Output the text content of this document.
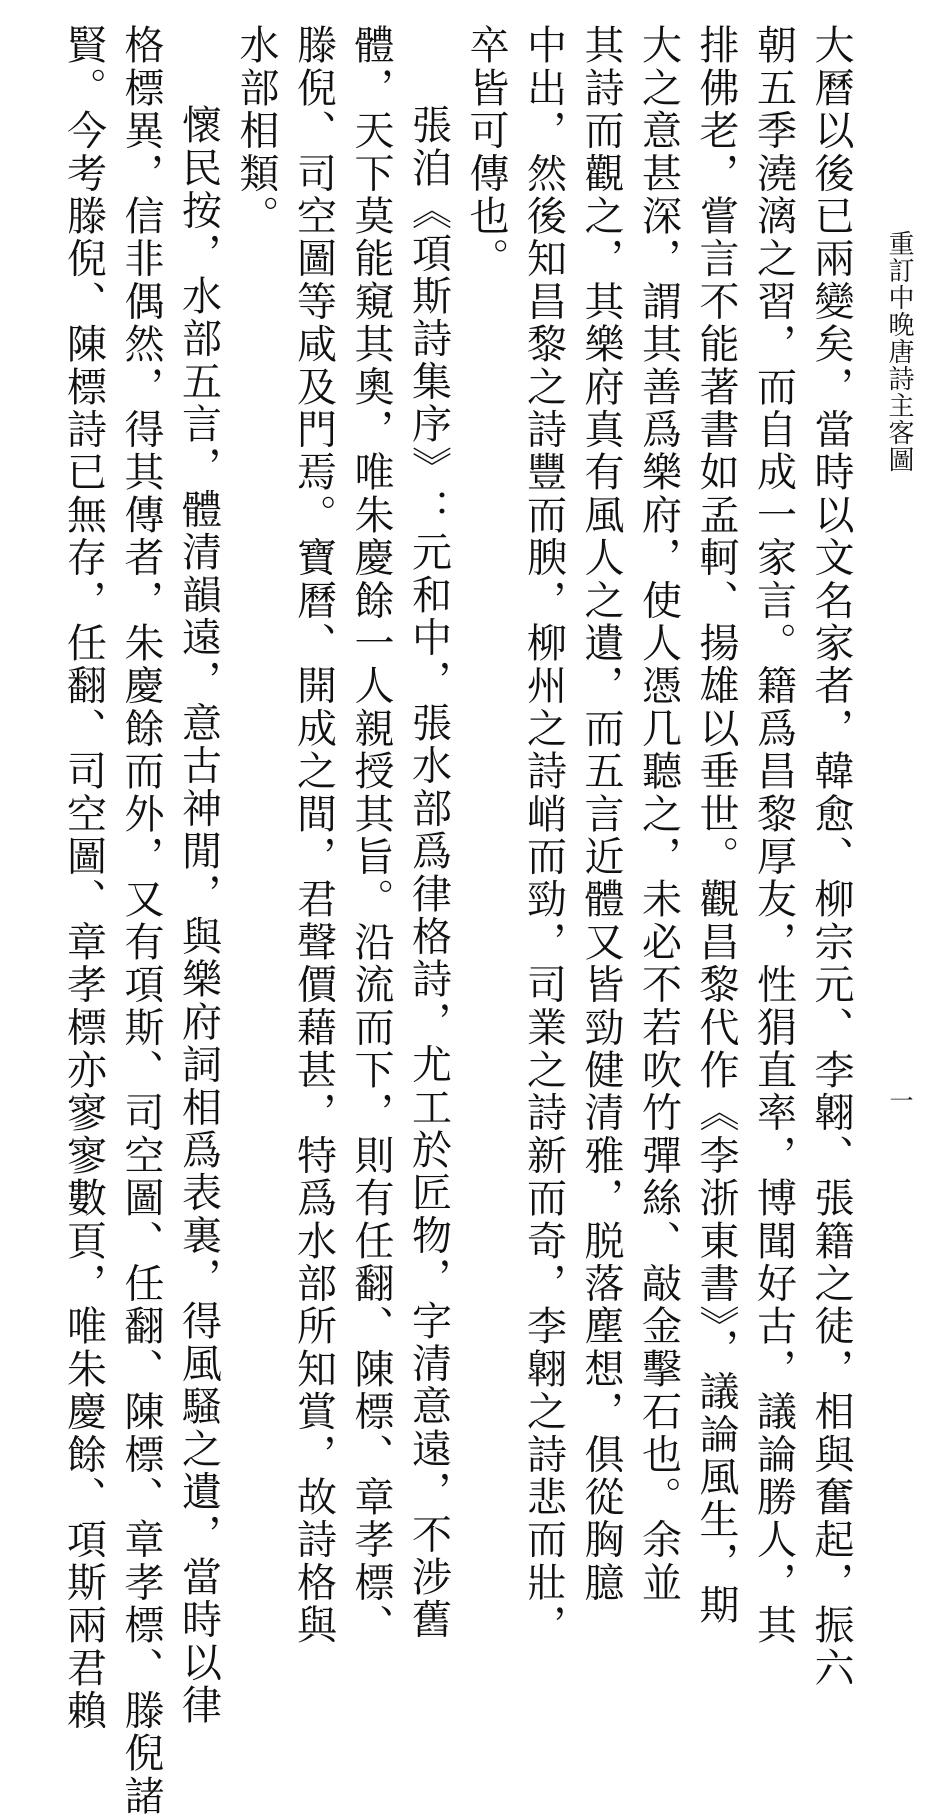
重訂中晚唐詩主客圖
一
大曆以後已兩變矣，當時以文名家者，韓愈、柳宗元、李翺、張籍之徒，相與奮起，振六
朝五季澆漓之習，而自成一家言。籍爲昌黎厚友，性狷直率，博聞好古，議論勝人，其
排佛老，嘗言不能著書如孟軻、揚雄以垂世。觀昌黎代作《李浙東書》，議論風生，期
大之意甚深，謂其善爲樂府，使人憑几聽之，未必不若吹竹彈絲、敲金擊石也。余並
其詩而觀之，其樂府真有風人之遺，而五言近體又皆勁健清雅，脱落塵想，俱從胸臆
中出，然後知昌黎之詩豐而腴，柳州之詩峭而勁，司業之詩新而奇，李翺之詩悲而壯，
卒皆可傳也。
張洎《項斯詩集序》：元和中，張水部爲律格詩，尤工於匠物，字清意遠，不涉舊
體，天下莫能窺其奧，唯朱慶餘一人親授其旨。沿流而下，則有任翻、陳標、章孝標、
滕倪、司空圖等咸及門焉。寶曆、開成之間，君聲價藉甚，特爲水部所知賞，故詩格與
水部相類。
懷民按，水部五言，體清韻遠，意古神閒，與樂府詞相爲表裏，得風騷之遺，當時以律
格標異，信非偶然，得其傳者，朱慶餘而外，又有項斯、司空圖、任翻、陳標、章孝標、滕倪諸
賢。今考滕倪、陳標詩已無存，任翻、司空圖、章孝標亦寥寥數頁，唯朱慶餘、項斯兩君賴
